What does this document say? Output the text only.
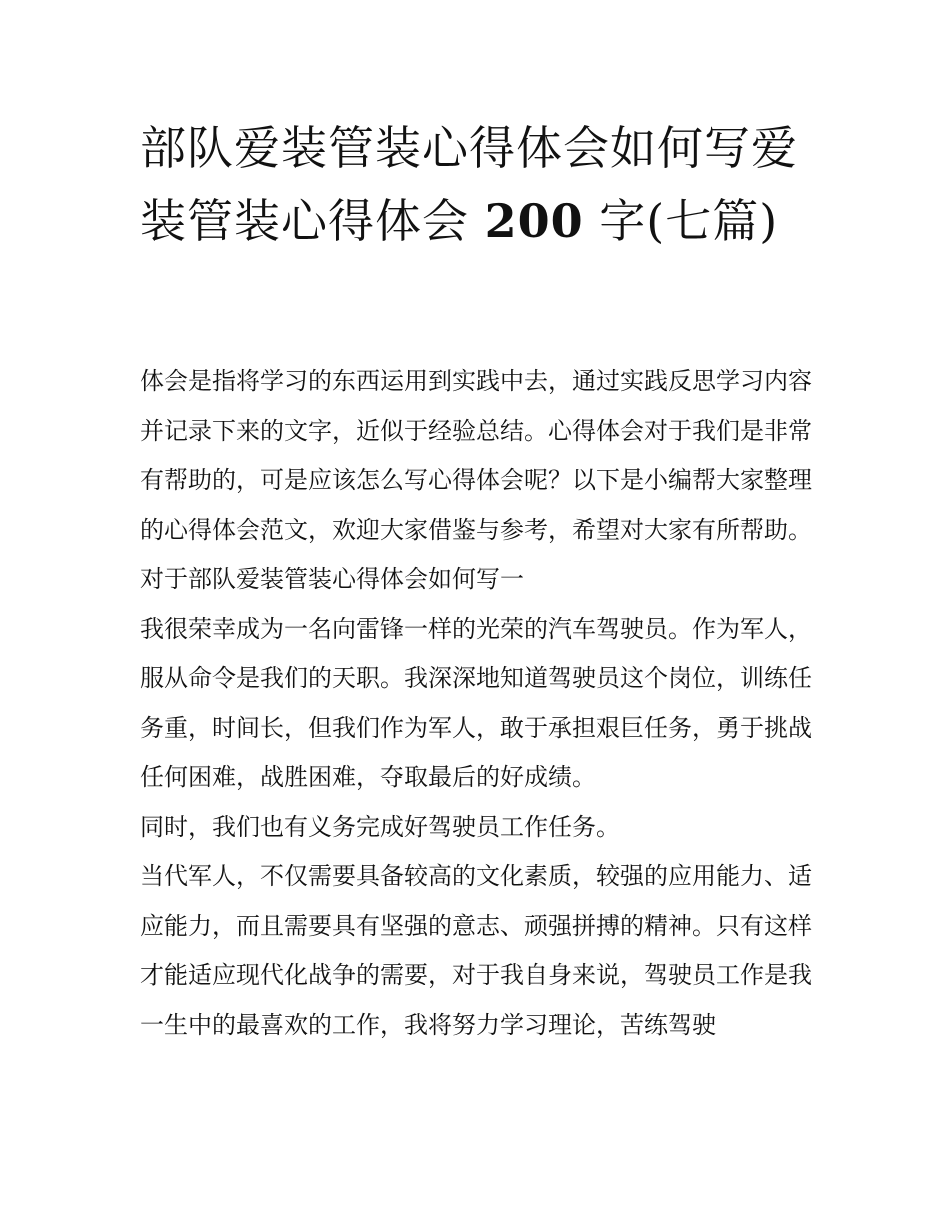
部队爱装管装心得体会如何写爱装管装心得体会 200 字(七篇)

体会是指将学习的东西运用到实践中去，通过实践反思学习内容并记录下来的文字，近似于经验总结。心得体会对于我们是非常有帮助的，可是应该怎么写心得体会呢？以下是小编帮大家整理的心得体会范文，欢迎大家借鉴与参考，希望对大家有所帮助。

对于部队爱装管装心得体会如何写一

我很荣幸成为一名向雷锋一样的光荣的汽车驾驶员。作为军人，服从命令是我们的天职。我深深地知道驾驶员这个岗位，训练任务重，时间长，但我们作为军人，敢于承担艰巨任务，勇于挑战任何困难，战胜困难，夺取最后的好成绩。

同时，我们也有义务完成好驾驶员工作任务。

当代军人，不仅需要具备较高的文化素质，较强的应用能力、适应能力，而且需要具有坚强的意志、顽强拼搏的精神。只有这样才能适应现代化战争的需要，对于我自身来说，驾驶员工作是我一生中的最喜欢的工作，我将努力学习理论，苦练驾驶
